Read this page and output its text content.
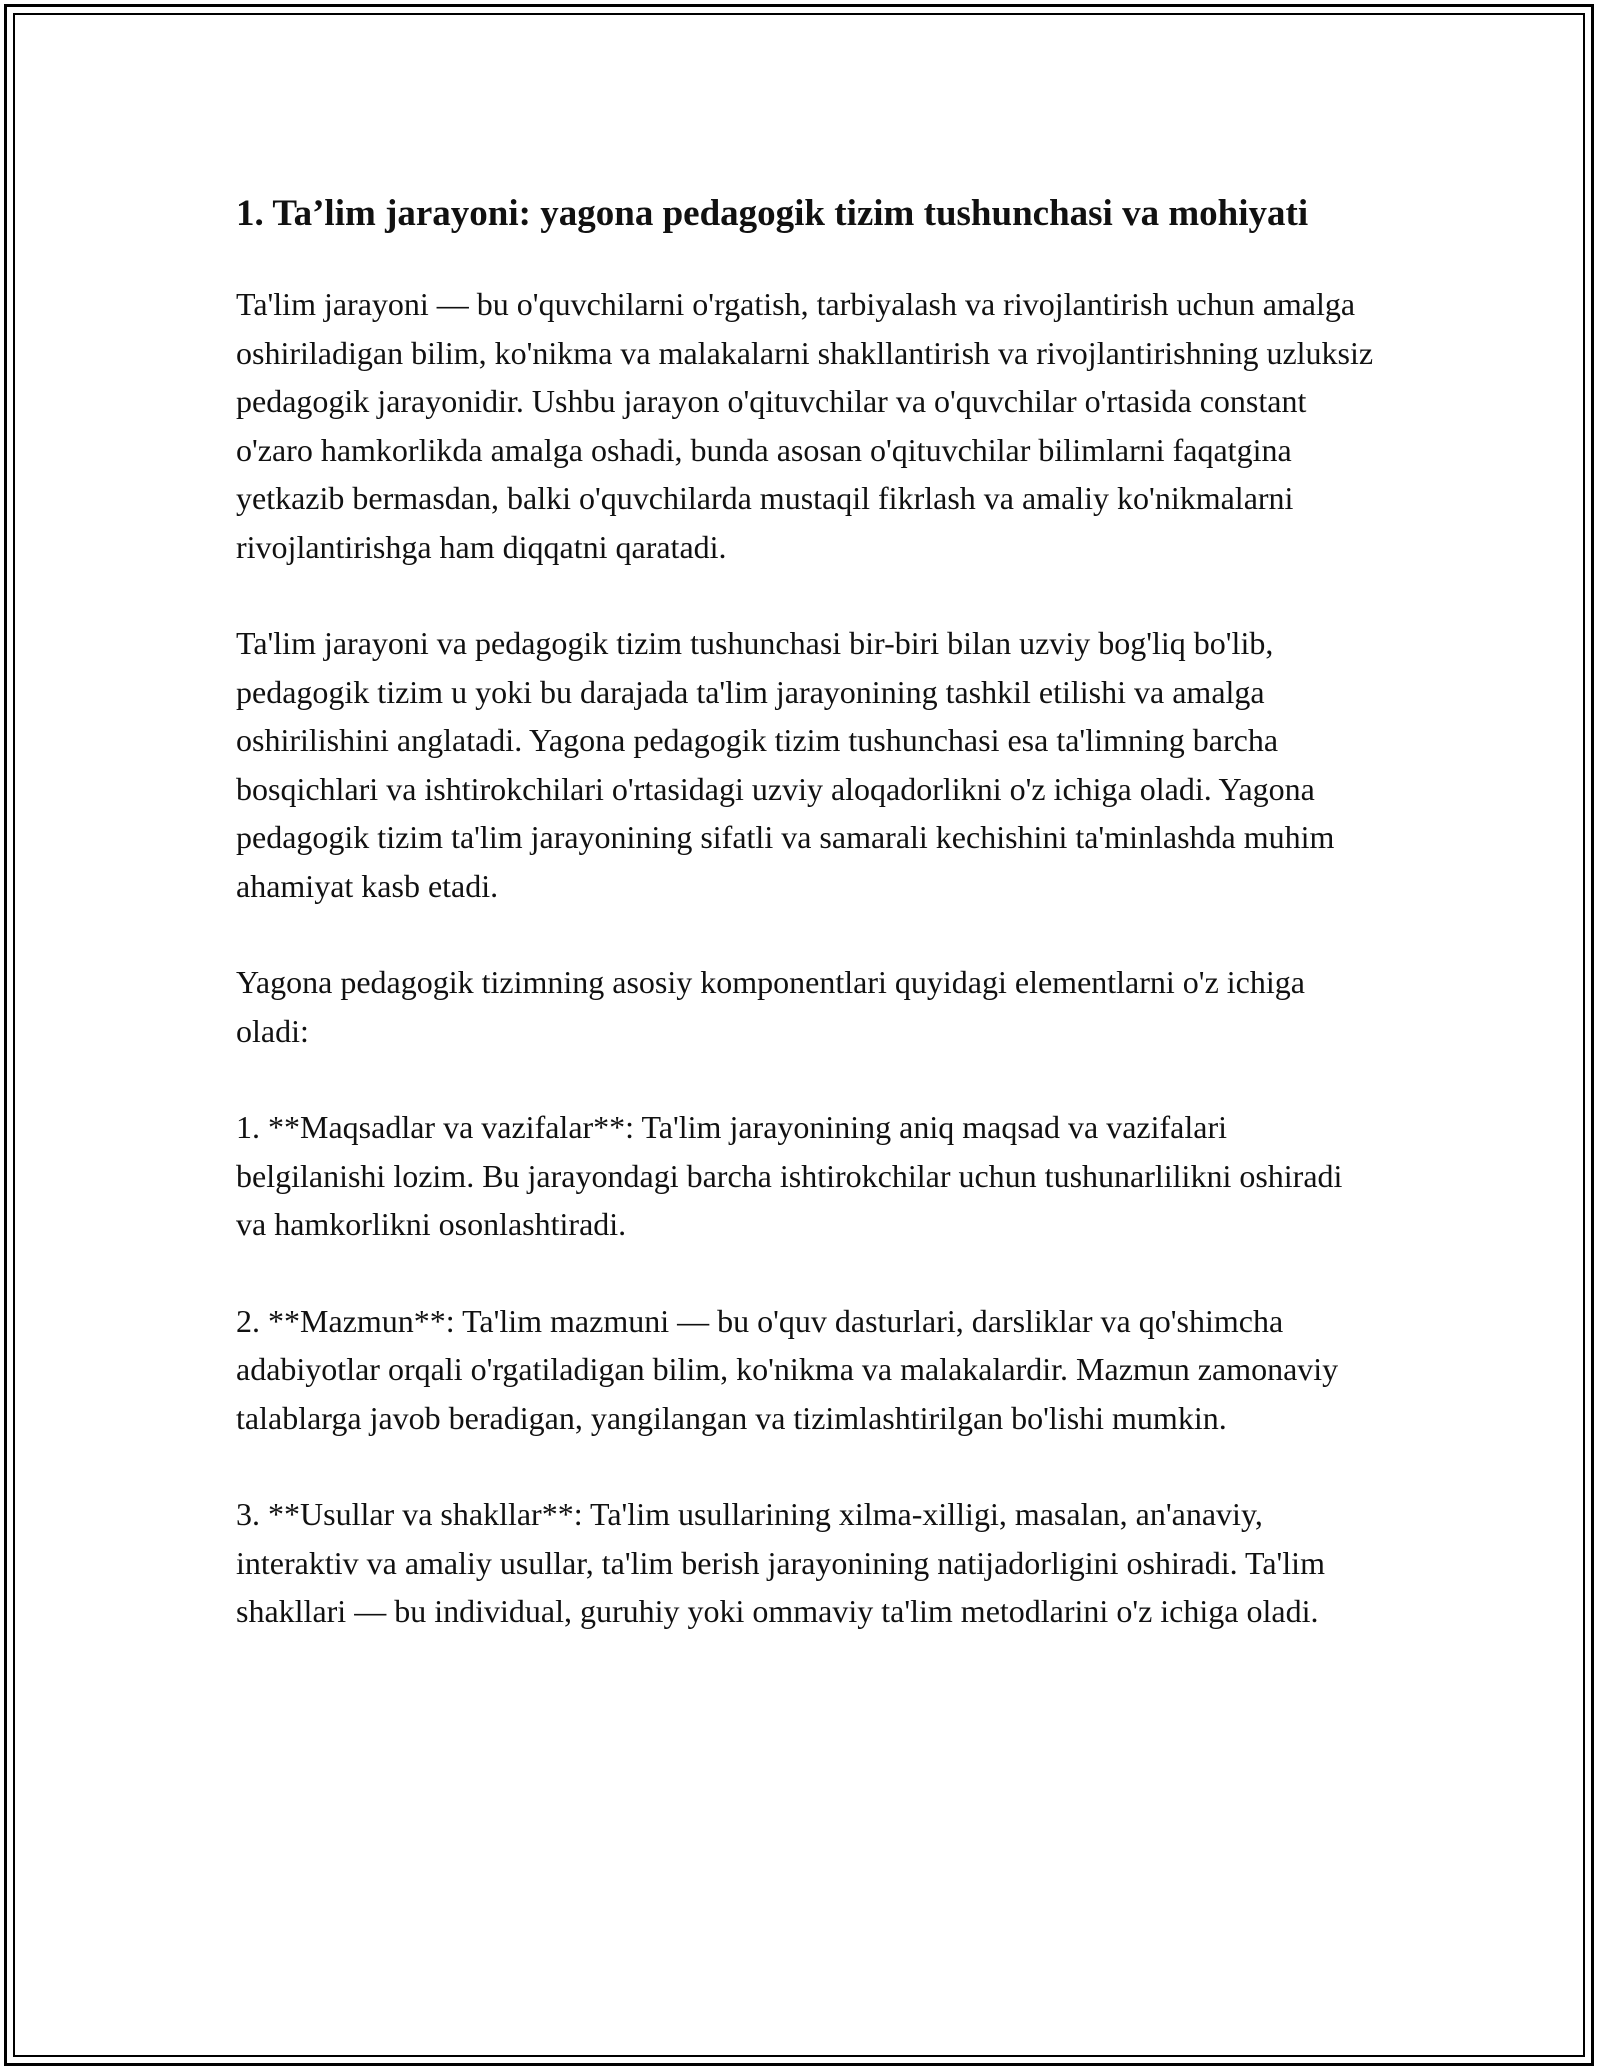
1. Ta’lim jarayoni: yagona pedagogik tizim tushunchasi va mohiyati

Ta'lim jarayoni — bu o'quvchilarni o'rgatish, tarbiyalash va rivojlantirish uchun amalga oshiriladigan bilim, ko'nikma va malakalarni shakllantirish va rivojlantirishning uzluksiz pedagogik jarayonidir. Ushbu jarayon o'qituvchilar va o'quvchilar o'rtasida constant o'zaro hamkorlikda amalga oshadi, bunda asosan o'qituvchilar bilimlarni faqatgina yetkazib bermasdan, balki o'quvchilarda mustaqil fikrlash va amaliy ko'nikmalarni rivojlantirishga ham diqqatni qaratadi.

Ta'lim jarayoni va pedagogik tizim tushunchasi bir-biri bilan uzviy bog'liq bo'lib, pedagogik tizim u yoki bu darajada ta'lim jarayonining tashkil etilishi va amalga oshirilishini anglatadi. Yagona pedagogik tizim tushunchasi esa ta'limning barcha bosqichlari va ishtirokchilari o'rtasidagi uzviy aloqadorlikni o'z ichiga oladi. Yagona pedagogik tizim ta'lim jarayonining sifatli va samarali kechishini ta'minlashda muhim ahamiyat kasb etadi.

Yagona pedagogik tizimning asosiy komponentlari quyidagi elementlarni o'z ichiga oladi:

1. **Maqsadlar va vazifalar**: Ta'lim jarayonining aniq maqsad va vazifalari belgilanishi lozim. Bu jarayondagi barcha ishtirokchilar uchun tushunarlilikni oshiradi va hamkorlikni osonlashtiradi.

2. **Mazmun**: Ta'lim mazmuni — bu o'quv dasturlari, darsliklar va qo'shimcha adabiyotlar orqali o'rgatiladigan bilim, ko'nikma va malakalardir. Mazmun zamonaviy talablarga javob beradigan, yangilangan va tizimlashtirilgan bo'lishi mumkin.

3. **Usullar va shakllar**: Ta'lim usullarining xilma-xilligi, masalan, an'anaviy, interaktiv va amaliy usullar, ta'lim berish jarayonining natijadorligini oshiradi. Ta'lim shakllari — bu individual, guruhiy yoki ommaviy ta'lim metodlarini o'z ichiga oladi.
